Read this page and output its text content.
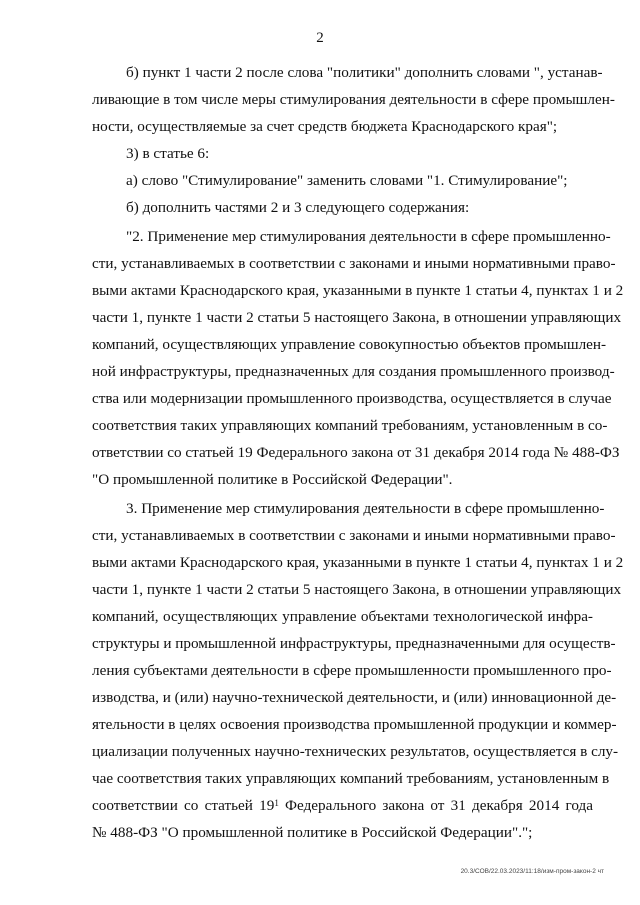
2

б) пункт 1 части 2 после слова "политики" дополнить словами ", устанав-

ливающие в том числе меры стимулирования деятельности в сфере промышлен-

ности, осуществляемые за счет средств бюджета Краснодарского края";

3) в статье 6:

а) слово "Стимулирование" заменить словами "1. Стимулирование";

б) дополнить частями 2 и 3 следующего содержания:

"2. Применение мер стимулирования деятельности в сфере промышленно-

сти, устанавливаемых в соответствии с законами и иными нормативными право-

выми актами Краснодарского края, указанными в пункте 1 статьи 4, пунктах 1 и 2

части 1, пункте 1 части 2 статьи 5 настоящего Закона, в отношении управляющих

компаний, осуществляющих управление совокупностью объектов промышлен-

ной инфраструктуры, предназначенных для создания промышленного производ-

ства или модернизации промышленного производства, осуществляется в случае

соответствия таких управляющих компаний требованиям, установленным в со-

ответствии со статьей 19 Федерального закона от 31 декабря 2014 года № 488-ФЗ

"О промышленной политике в Российской Федерации".

3. Применение мер стимулирования деятельности в сфере промышленно-

сти, устанавливаемых в соответствии с законами и иными нормативными право-

выми актами Краснодарского края, указанными в пункте 1 статьи 4, пунктах 1 и 2

части 1, пункте 1 части 2 статьи 5 настоящего Закона, в отношении управляющих

компаний, осуществляющих управление объектами технологической инфра-

структуры и промышленной инфраструктуры, предназначенными для осуществ-

ления субъектами деятельности в сфере промышленности промышленного про-

изводства, и (или) научно-технической деятельности, и (или) инновационной де-

ятельности в целях освоения производства промышленной продукции и коммер-

циализации полученных научно-технических результатов, осуществляется в слу-

чае соответствия таких управляющих компаний требованиям, установленным в

соответствии со статьей $19^1$ Федерального закона от 31 декабря 2014 года

№ 488-ФЗ "О промышленной политике в Российской Федерации".";

20.3/СОВ/22.03.2023/11:18/изм-пром-закон-2 чт
